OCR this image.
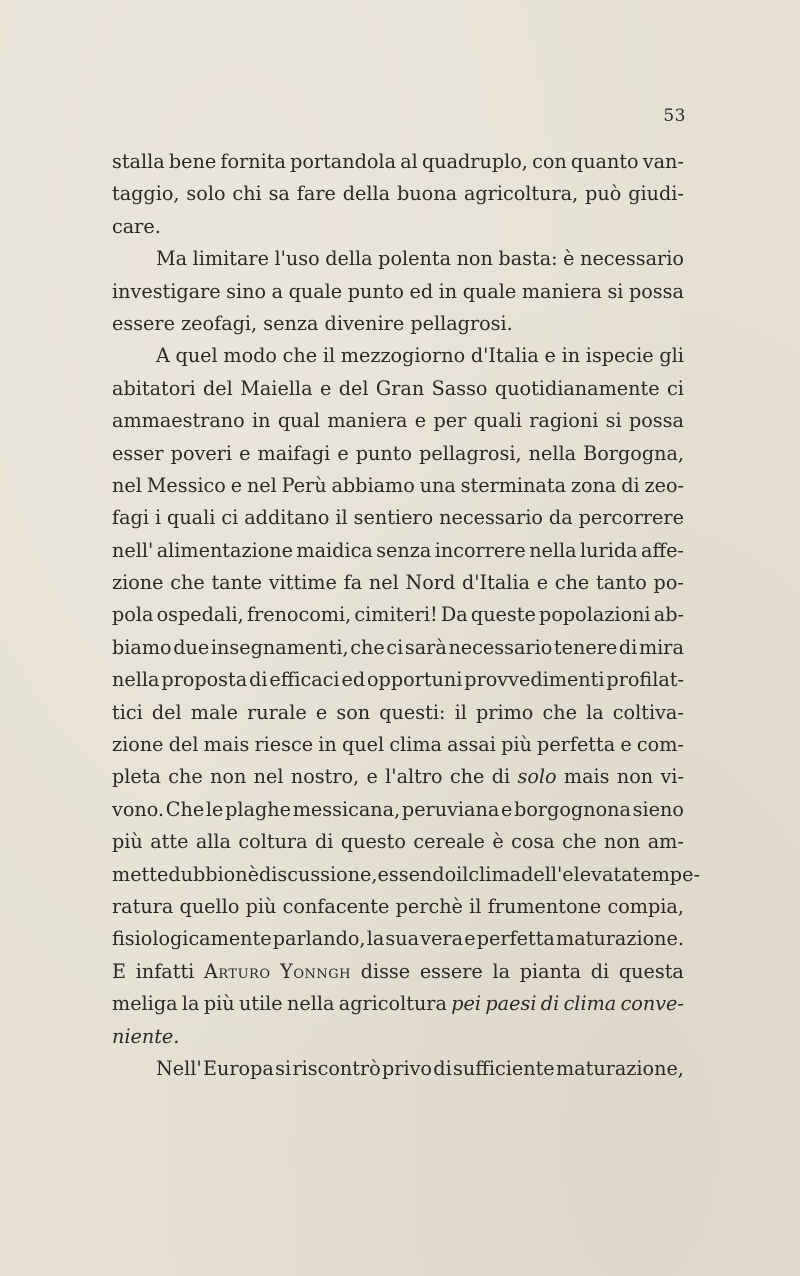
53
stalla bene fornita portandola al quadruplo, con quanto van-
taggio, solo chi sa fare della buona agricoltura, può giudi-
care.
Ma limitare l'uso della polenta non basta: è necessario
investigare sino a quale punto ed in quale maniera si possa
essere zeofagi, senza divenire pellagrosi.
A quel modo che il mezzogiorno d'Italia e in ispecie gli
abitatori del Maiella e del Gran Sasso quotidianamente ci
ammaestrano in qual maniera e per quali ragioni si possa
esser poveri e maifagi e punto pellagrosi, nella Borgogna,
nel Messico e nel Perù abbiamo una sterminata zona di zeo-
fagi i quali ci additano il sentiero necessario da percorrere
nell' alimentazione maidica senza incorrere nella lurida affe-
zione che tante vittime fa nel Nord d'Italia e che tanto po-
pola ospedali, frenocomi, cimiteri! Da queste popolazioni ab-
biamo due insegnamenti, che ci sarà necessario tenere di mira
nella proposta di efficaci ed opportuni provvedimenti profilat-
tici del male rurale e son questi: il primo che la coltiva-
zione del mais riesce in quel clima assai più perfetta e com-
pleta che non nel nostro, e l'altro che di solo mais non vi-
vono. Che le plaghe messicana, peruviana e borgognona sieno
più atte alla coltura di questo cereale è cosa che non am-
mette dubbio nè discussione, essendo il clima dell' elevata tempe-
ratura quello più confacente perchè il frumentone compia,
fisiologicamente parlando, la sua vera e perfetta maturazione.
E infatti Arturo Yonngh disse essere la pianta di questa
meliga la più utile nella agricoltura pei paesi di clima conve-
niente.
Nell' Europa si riscontrò privo di sufficiente maturazione,
